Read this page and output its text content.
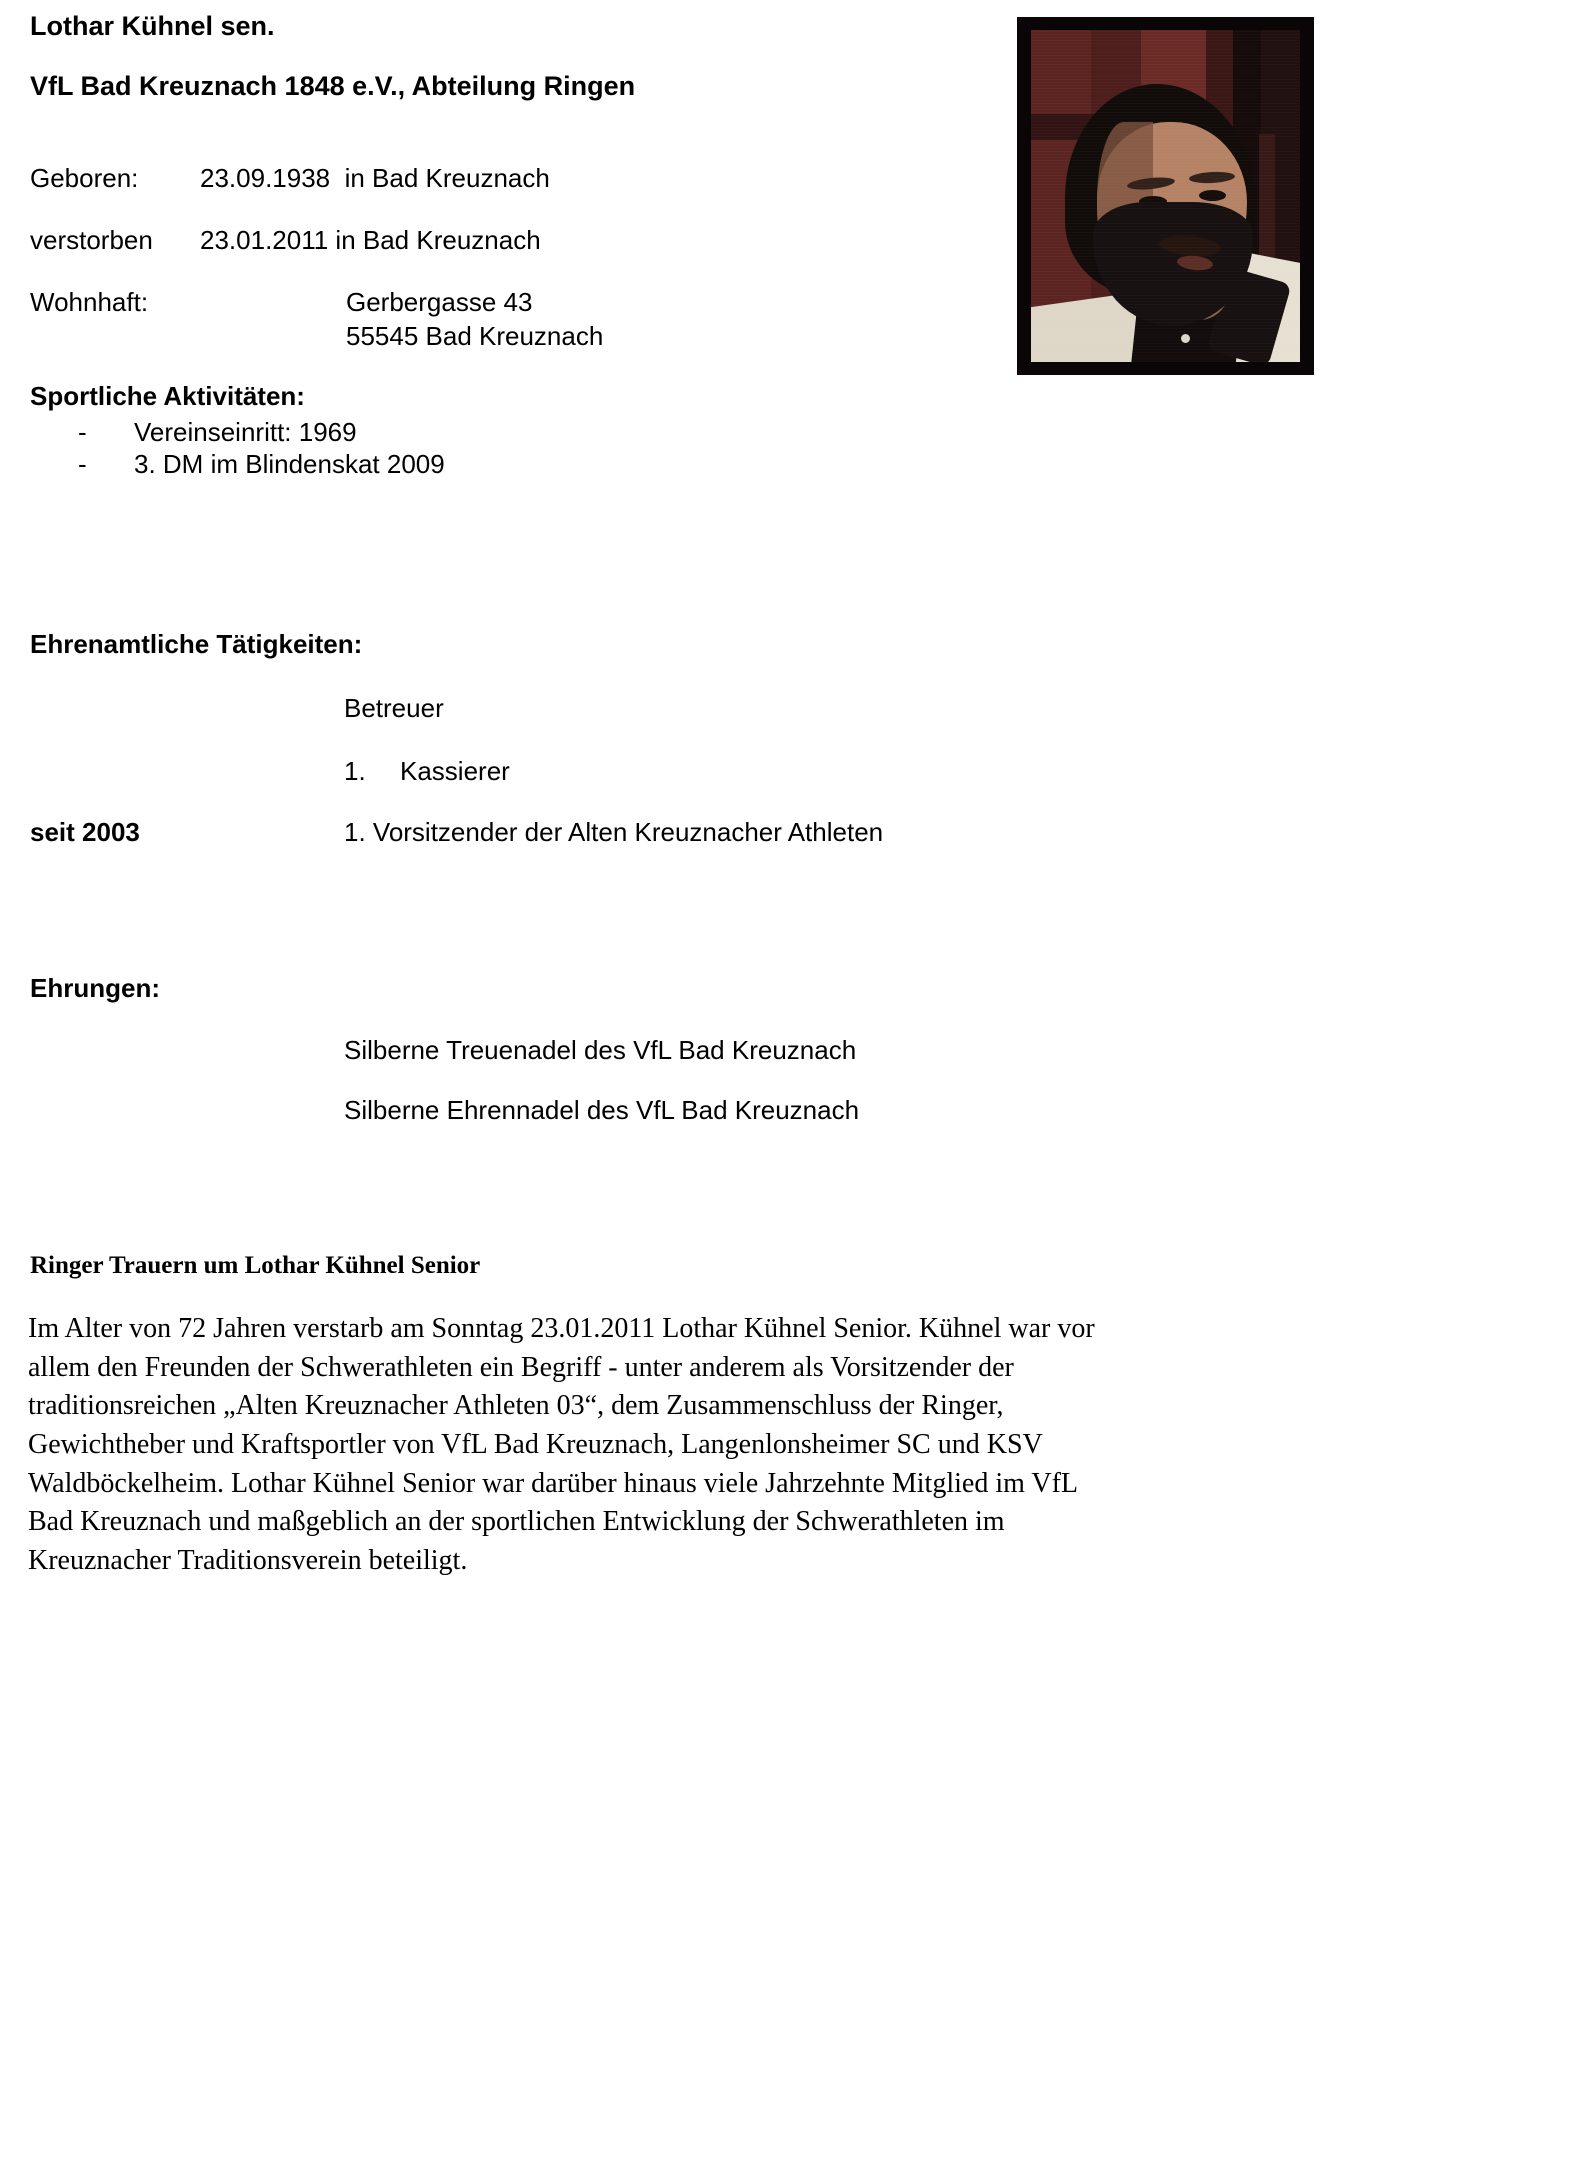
Lothar Kühnel sen.
VfL Bad Kreuznach 1848 e.V., Abteilung Ringen
Geboren: 23.09.1938  in Bad Kreuznach
verstorben 23.01.2011 in Bad Kreuznach
Wohnhaft:	Gerbergasse 43
55545 Bad Kreuznach
Sportliche Aktivitäten:
- Vereinseinritt: 1969
- 3. DM im Blindenskat 2009
Ehrenamtliche Tätigkeiten:
Betreuer
1. Kassierer
seit 2003	1. Vorsitzender der Alten Kreuznacher Athleten
Ehrungen:
Silberne Treuenadel des VfL Bad Kreuznach
Silberne Ehrennadel des VfL Bad Kreuznach
Ringer Trauern um Lothar Kühnel Senior
Im Alter von 72 Jahren verstarb am Sonntag 23.01.2011 Lothar Kühnel Senior. Kühnel war vor allem den Freunden der Schwerathleten ein Begriff - unter anderem als Vorsitzender der traditionsreichen „Alten Kreuznacher Athleten 03“, dem Zusammenschluss der Ringer, Gewichtheber und Kraftsportler von VfL Bad Kreuznach, Langenlonsheimer SC und KSV Waldböckelheim. Lothar Kühnel Senior war darüber hinaus viele Jahrzehnte Mitglied im VfL Bad Kreuznach und maßgeblich an der sportlichen Entwicklung der Schwerathleten im Kreuznacher Traditionsverein beteiligt.
